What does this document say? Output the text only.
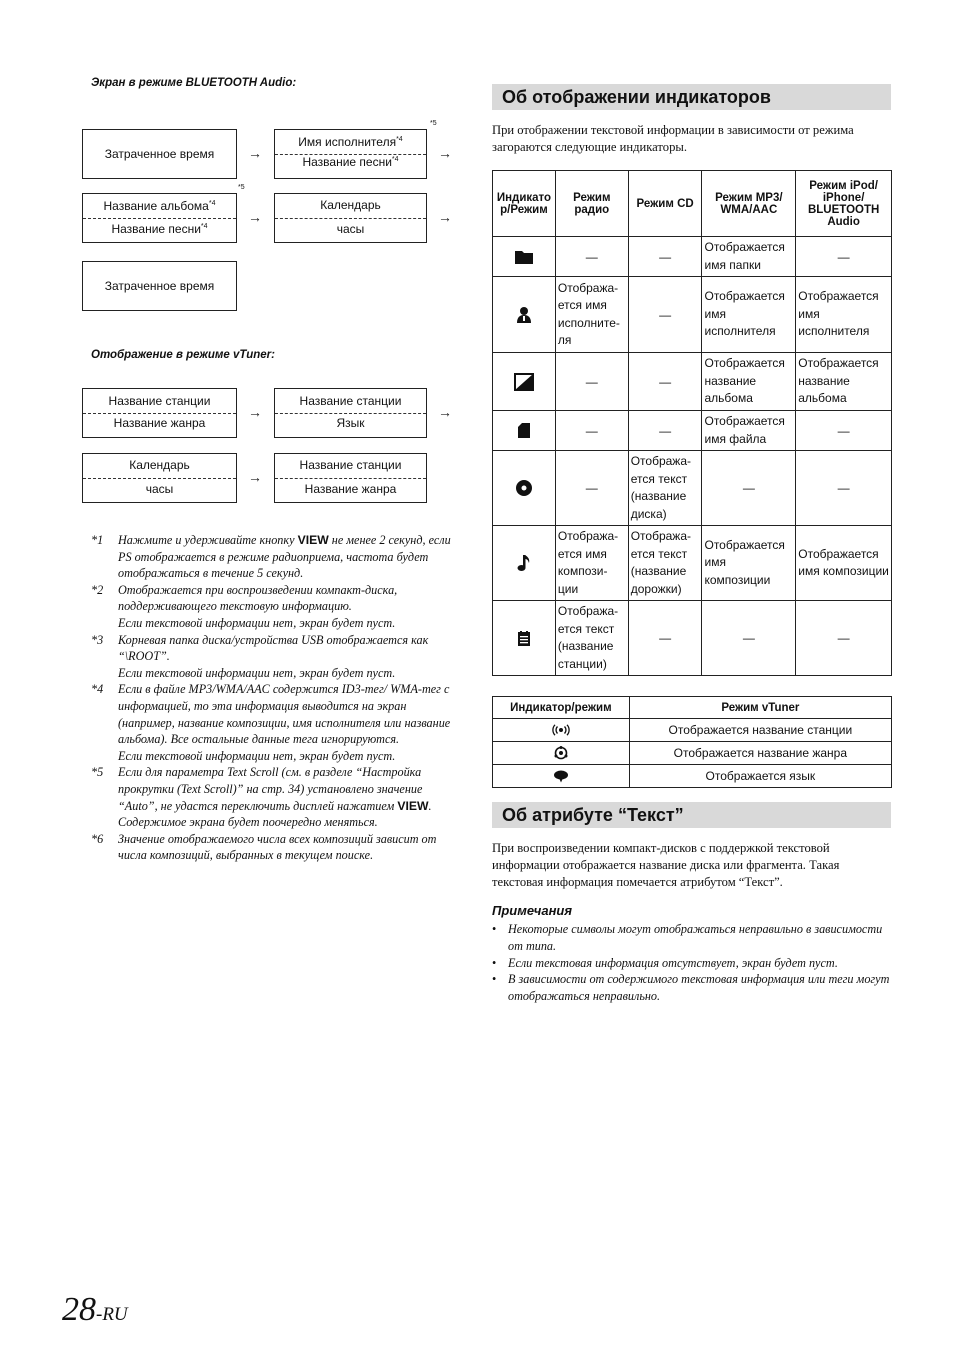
Экран в режиме BLUETOOTH Audio:
Затраченное время	→
Имя исполнителя$^{*4}$
Название песни$^{*4}$
*5
→
*5
Название альбома$^{*4}$
Название песни$^{*4}$
→
Календарь
часы
→
Затраченное время
Отображение в режиме vTuner:
Название станции
Название жанра
→
Название станции
Язык
→
Календарь
часы
→
Название станции
Название жанра
*1	Нажмите и удерживайте кнопку VIEW не менее 2 секунд, если PS отображается в режиме радиоприема, частота будет отображаться в течение 5 секунд.
*2	Отображается при воспроизведении компакт-диска, поддерживающего текстовую информацию.
Если текстовой информации нет, экран будет пуст.
*3	Корневая папка диска/устройства USB отображается как “\ROOT”.
Если текстовой информации нет, экран будет пуст.
*4	Если в файле MP3/WMA/AAC содержится ID3-тег/ WMA-тег с информацией, то эта информация выводится на экран (например, название композиции, имя исполнителя или название альбома). Все остальные данные тега игнорируются.
Если текстовой информации нет, экран будет пуст.
*5	Если для параметра Text Scroll (см. в разделе “Настройка прокрутки (Text Scroll)” на стр. 34) установлено значение “Auto”, не удастся переключить дисплей нажатием VIEW.
Содержимое экрана будет поочередно меняться.
*6	Значение отображаемого числа всех композиций зависит от числа композиций, выбранных в текущем поиске.
Об отображении индикаторов
При отображении текстовой информации в зависимости от режима загораются следующие индикаторы.
Индикато р/Режим	Режим радио	Режим CD	Режим MP3/ WMA/AAC	Режим iPod/ iPhone/ BLUETOOTH Audio

	—	—	Отображается имя папки	—

	Отобража-ется имя исполните-ля	—	Отображается имя исполнителя	Отображается имя исполнителя

	—	—	Отображается название альбома	Отображается название альбома

	—	—	Отображается имя файла	—

	—	Отобража-ется текст (название диска)	—	—

	Отобража-ется имя компози-ции	Отобража-ется текст (название дорожки)	Отображается имя композиции	Отображается имя композиции

	Отобража-ется текст (название станции)	—	—	—
Индикатор/режим	Режим vTuner

	Отображается название станции

	Отображается название жанра

	Отображается язык
Об атрибуте “Текст”
При воспроизведении компакт-дисков с поддержкой текстовой информации отображается название диска или фрагмента. Такая текстовая информация помечается атрибутом “Текст”.
Примечания
• Некоторые символы могут отображаться неправильно в зависимости от типа.
• Если текстовая информация отсутствует, экран будет пуст.
• В зависимости от содержимого текстовая информация или теги могут отображаться неправильно.
28-RU
